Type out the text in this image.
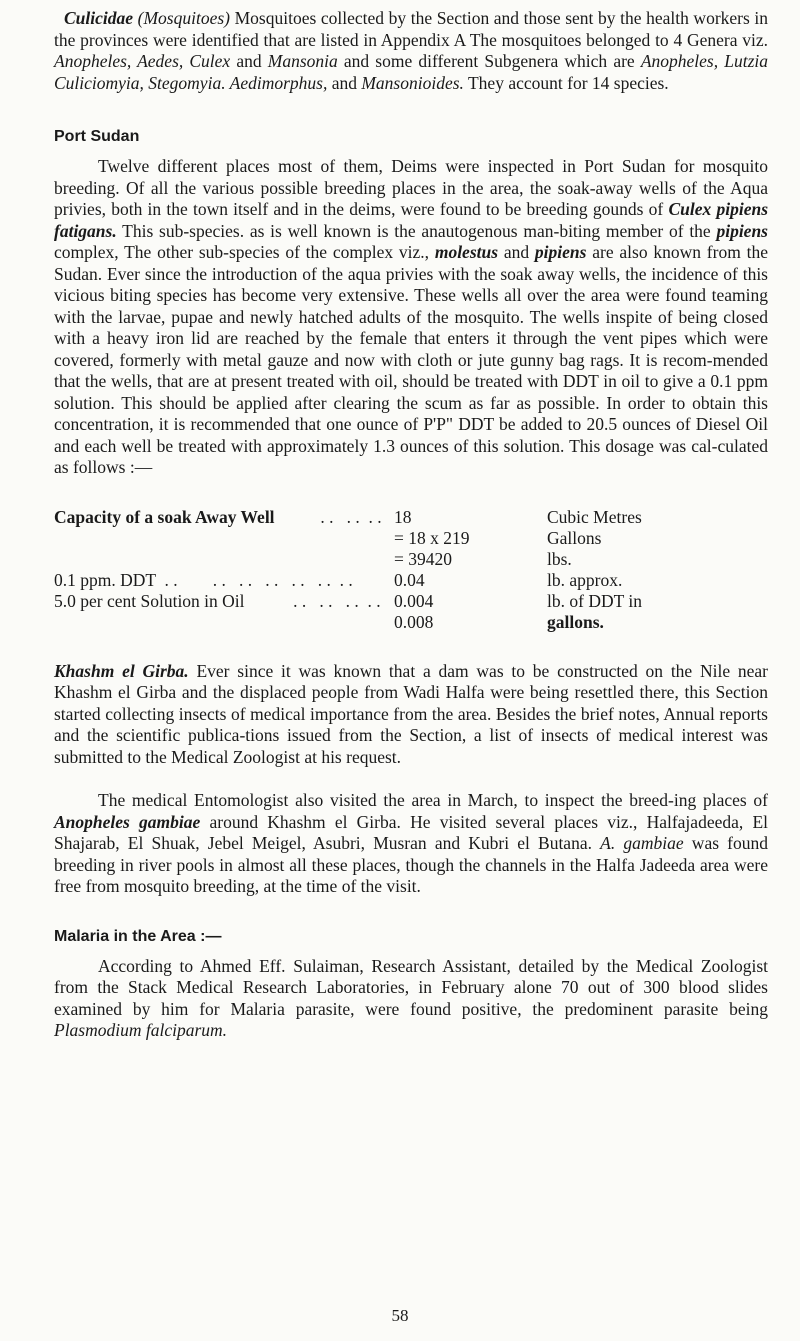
Culicidae (Mosquitoes) Mosquitoes collected by the Section and those sent by the health workers in the provinces were identified that are listed in Appendix A The mosquitoes belonged to 4 Genera viz. Anopheles, Aedes, Culex and Mansonia and some different Subgenera which are Anopheles, Lutzia Culiciomyia, Stegomyia. Aedimorphus, and Mansonioides. They account for 14 species.

Port Sudan

Twelve different places most of them, Deims were inspected in Port Sudan for mosquito breeding. Of all the various possible breeding places in the area, the soak-away wells of the Aqua privies, both in the town itself and in the deims, were found to be breeding gounds of Culex pipiens fatigans. This sub-species. as is well known is the anautogenous man-biting member of the pipiens complex, The other sub-species of the complex viz., molestus and pipiens are also known from the Sudan. Ever since the introduction of the aqua privies with the soak away wells, the incidence of this vicious biting species has become very extensive. These wells all over the area were found teaming with the larvae, pupae and newly hatched adults of the mosquito. The wells inspite of being closed with a heavy iron lid are reached by the female that enters it through the vent pipes which were covered, formerly with metal gauze and now with cloth or jute gunny bag rags. It is recom-mended that the wells, that are at present treated with oil, should be treated with DDT in oil to give a 0.1 ppm solution. This should be applied after clearing the scum as far as possible. In order to obtain this concentration, it is recommended that one ounce of P'P" DDT be added to 20.5 ounces of Diesel Oil and each well be treated with approximately 1.3 ounces of this solution. This dosage was cal-culated as follows :—

Capacity of a soak Away Well . .   . .  . . 18	Cubic Metres
= 18 x 219	Gallons
= 39420	lbs.
0.1 ppm. DDT  . . . .   . .   . .   . .   . .  . . 0.04	lb. approx.
5.0 per cent Solution in Oil . .   . .   . .  . . 0.004	lb. of DDT in
0.008	gallons.

Khashm el Girba. Ever since it was known that a dam was to be constructed on the Nile near Khashm el Girba and the displaced people from Wadi Halfa were being resettled there, this Section started collecting insects of medical importance from the area. Besides the brief notes, Annual reports and the scientific publica-tions issued from the Section, a list of insects of medical interest was submitted to the Medical Zoologist at his request.

The medical Entomologist also visited the area in March, to inspect the breed-ing places of Anopheles gambiae around Khashm el Girba. He visited several places viz., Halfajadeeda, El Shajarab, El Shuak, Jebel Meigel, Asubri, Musran and Kubri el Butana. A. gambiae was found breeding in river pools in almost all these places, though the channels in the Halfa Jadeeda area were free from mosquito breeding, at the time of the visit.

Malaria in the Area :—

According to Ahmed Eff. Sulaiman, Research Assistant, detailed by the Medical Zoologist from the Stack Medical Research Laboratories, in February alone 70 out of 300 blood slides examined by him for Malaria parasite, were found positive, the predominent parasite being Plasmodium falciparum.

58
